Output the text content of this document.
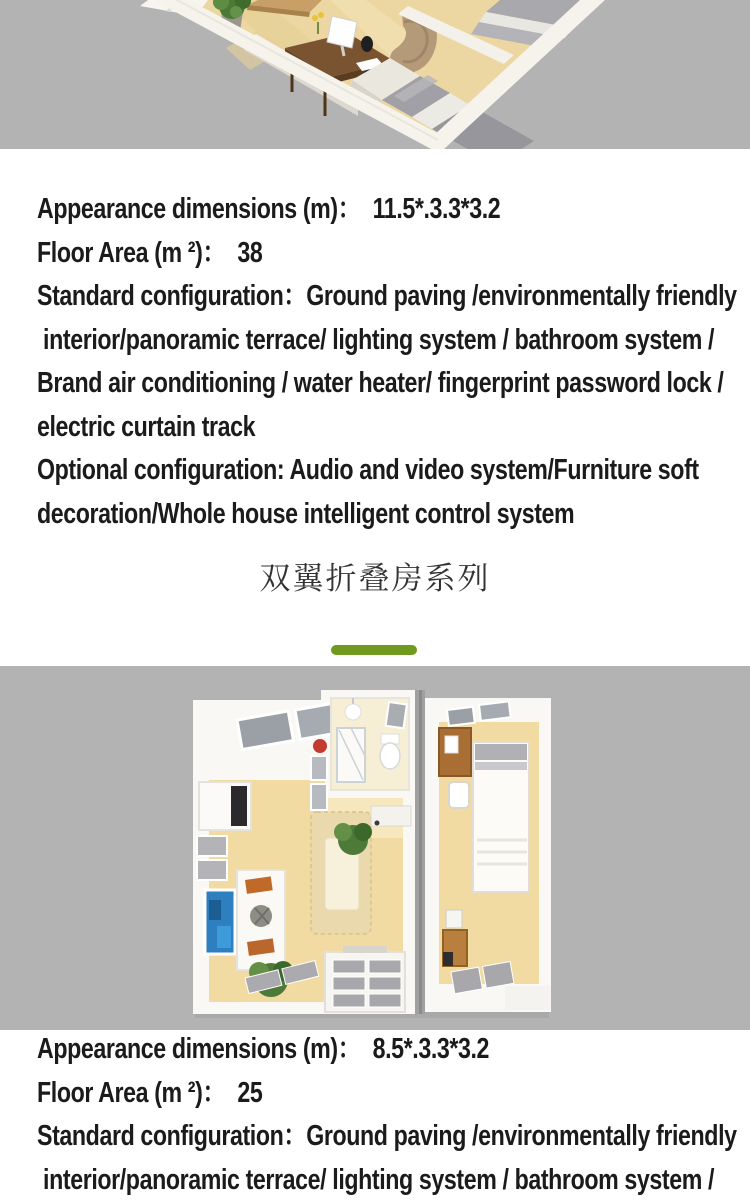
Appearance dimensions (m)：  11.5*.3.3*3.2
Floor Area (m ²)：  38
Standard configuration：Ground paving /environmentally friendly
interior/panoramic terrace/ lighting system / bathroom system /
Brand air conditioning / water heater/ fingerprint password lock /
electric curtain track
Optional configuration: Audio and video system/Furniture soft
decoration/Whole house intelligent control system
双翼折叠房系列
Appearance dimensions (m)：  8.5*.3.3*3.2
Floor Area (m ²)：  25
Standard configuration：Ground paving /environmentally friendly
interior/panoramic terrace/ lighting system / bathroom system /
